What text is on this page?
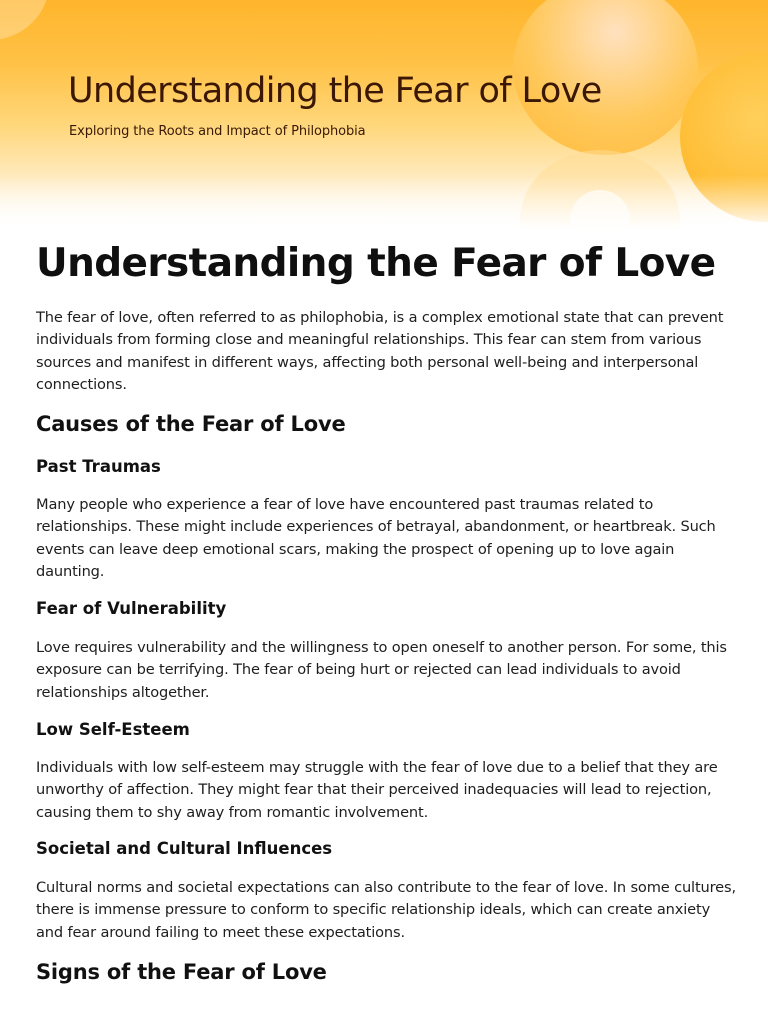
Understanding the Fear of Love

Exploring the Roots and Impact of Philophobia

Understanding the Fear of Love

The fear of love, often referred to as philophobia, is a complex emotional state that can prevent individuals from forming close and meaningful relationships. This fear can stem from various sources and manifest in different ways, affecting both personal well-being and interpersonal connections.

Causes of the Fear of Love
Past Traumas

Many people who experience a fear of love have encountered past traumas related to relationships. These might include experiences of betrayal, abandonment, or heartbreak. Such events can leave deep emotional scars, making the prospect of opening up to love again daunting.

Fear of Vulnerability

Love requires vulnerability and the willingness to open oneself to another person. For some, this exposure can be terrifying. The fear of being hurt or rejected can lead individuals to avoid relationships altogether.

Low Self-Esteem

Individuals with low self-esteem may struggle with the fear of love due to a belief that they are unworthy of affection. They might fear that their perceived inadequacies will lead to rejection, causing them to shy away from romantic involvement.

Societal and Cultural Influences

Cultural norms and societal expectations can also contribute to the fear of love. In some cultures, there is immense pressure to conform to specific relationship ideals, which can create anxiety and fear around failing to meet these expectations.

Signs of the Fear of Love
